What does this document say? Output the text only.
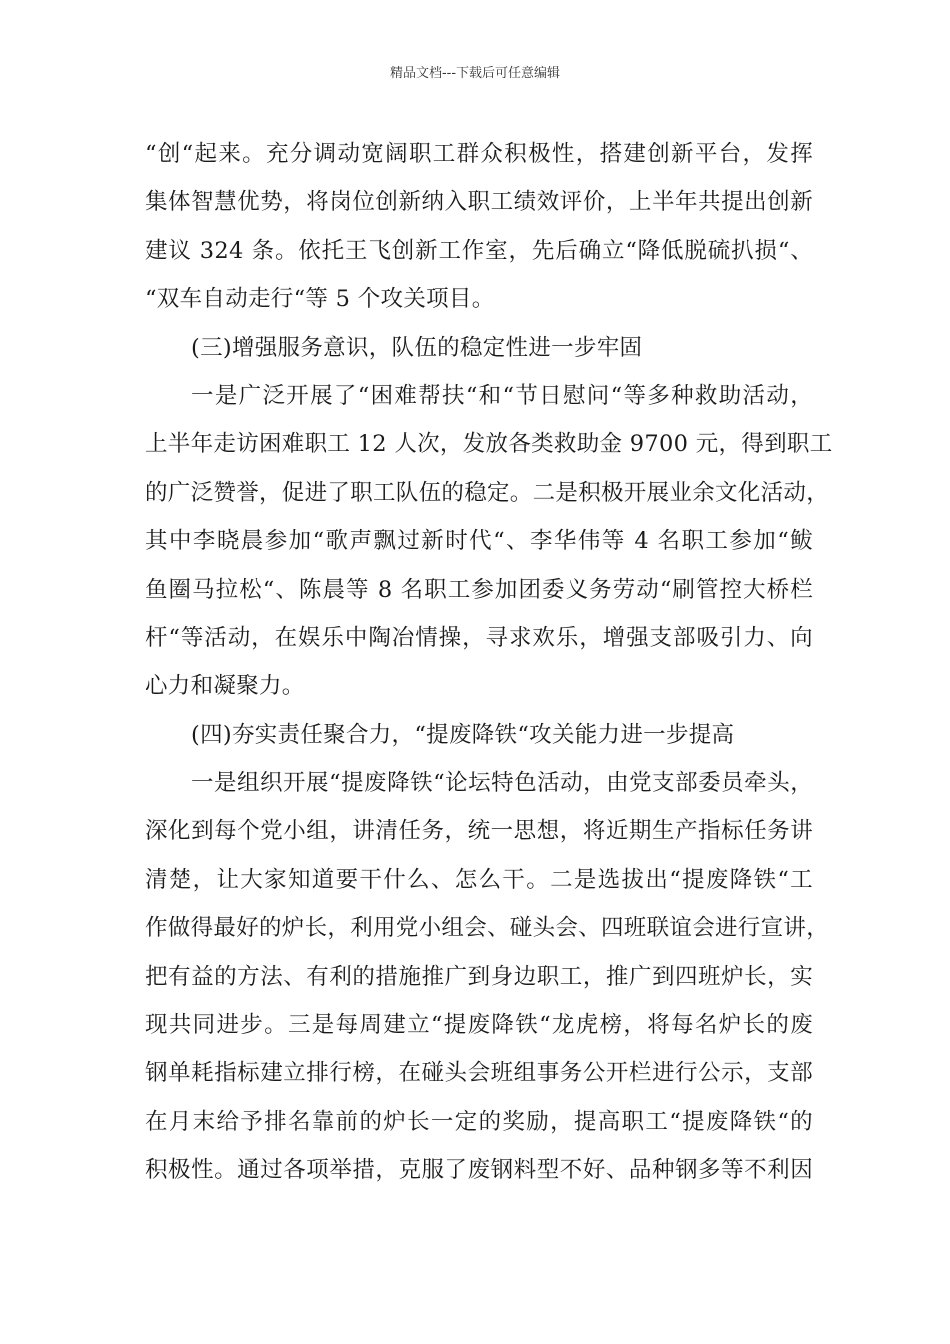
精品文档---下载后可任意编辑
“创“起来。充分调动宽阔职工群众积极性，搭建创新平台，发挥
集体智慧优势，将岗位创新纳入职工绩效评价，上半年共提出创新
建议 324 条。依托王飞创新工作室，先后确立“降低脱硫扒损“、
“双车自动走行“等 5 个攻关项目。
(三)增强服务意识，队伍的稳定性进一步牢固
一是广泛开展了“困难帮扶“和“节日慰问“等多种救助活动，
上半年走访困难职工 12 人次，发放各类救助金 9700 元，得到职工
的广泛赞誉，促进了职工队伍的稳定。二是积极开展业余文化活动，
其中李晓晨参加“歌声飘过新时代“、李华伟等 4 名职工参加“鲅
鱼圈马拉松“、陈晨等 8 名职工参加团委义务劳动“刷管控大桥栏
杆“等活动，在娱乐中陶冶情操，寻求欢乐，增强支部吸引力、向
心力和凝聚力。
(四)夯实责任聚合力，“提废降铁“攻关能力进一步提高
一是组织开展“提废降铁“论坛特色活动，由党支部委员牵头，
深化到每个党小组，讲清任务，统一思想，将近期生产指标任务讲
清楚，让大家知道要干什么、怎么干。二是选拔出“提废降铁“工
作做得最好的炉长，利用党小组会、碰头会、四班联谊会进行宣讲，
把有益的方法、有利的措施推广到身边职工，推广到四班炉长，实
现共同进步。三是每周建立“提废降铁“龙虎榜，将每名炉长的废
钢单耗指标建立排行榜，在碰头会班组事务公开栏进行公示，支部
在月末给予排名靠前的炉长一定的奖励，提高职工“提废降铁“的
积极性。通过各项举措，克服了废钢料型不好、品种钢多等不利因
